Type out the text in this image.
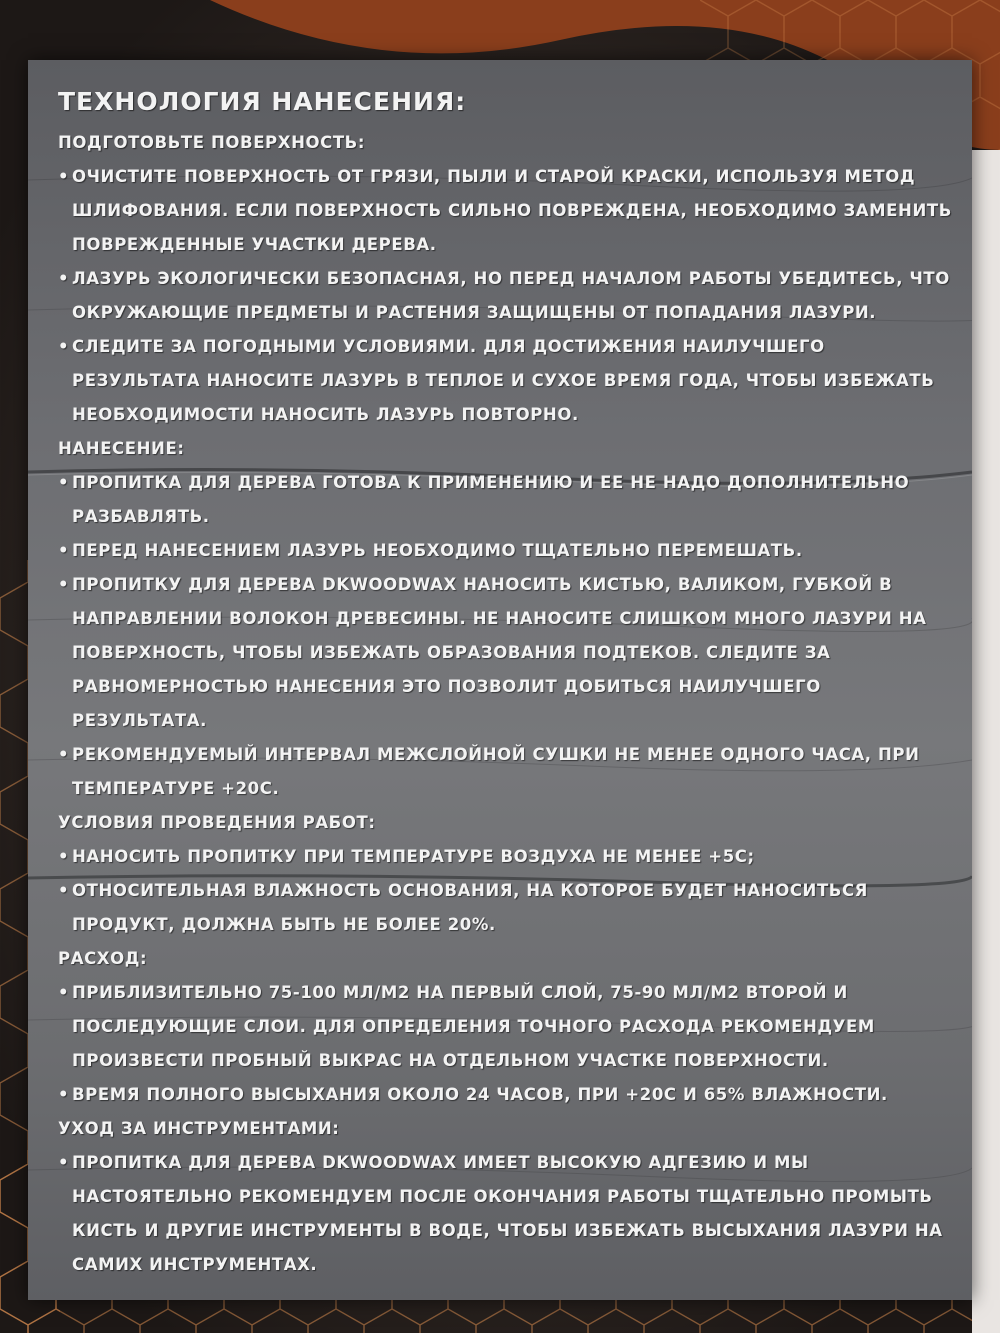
ТЕХНОЛОГИЯ НАНЕСЕНИЯ:
ПОДГОТОВЬТЕ ПОВЕРХНОСТЬ:
• ОЧИСТИТЕ ПОВЕРХНОСТЬ ОТ ГРЯЗИ, ПЫЛИ И СТАРОЙ КРАСКИ, ИСПОЛЬЗУЯ МЕТОД ШЛИФОВАНИЯ. ЕСЛИ ПОВЕРХНОСТЬ СИЛЬНО ПОВРЕЖДЕНА, НЕОБХОДИМО ЗАМЕНИТЬ ПОВРЕЖДЕННЫЕ УЧАСТКИ ДЕРЕВА.
• ЛАЗУРЬ ЭКОЛОГИЧЕСКИ БЕЗОПАСНАЯ, НО ПЕРЕД НАЧАЛОМ РАБОТЫ УБЕДИТЕСЬ, ЧТО ОКРУЖАЮЩИЕ ПРЕДМЕТЫ И РАСТЕНИЯ ЗАЩИЩЕНЫ ОТ ПОПАДАНИЯ ЛАЗУРИ.
• СЛЕДИТЕ ЗА ПОГОДНЫМИ УСЛОВИЯМИ. ДЛЯ ДОСТИЖЕНИЯ НАИЛУЧШЕГО РЕЗУЛЬТАТА НАНОСИТЕ ЛАЗУРЬ В ТЕПЛОЕ И СУХОЕ ВРЕМЯ ГОДА, ЧТОБЫ ИЗБЕЖАТЬ НЕОБХОДИМОСТИ НАНОСИТЬ ЛАЗУРЬ ПОВТОРНО.
НАНЕСЕНИЕ:
• ПРОПИТКА ДЛЯ ДЕРЕВА ГОТОВА К ПРИМЕНЕНИЮ И ЕЕ НЕ НАДО ДОПОЛНИТЕЛЬНО РАЗБАВЛЯТЬ.
• ПЕРЕД НАНЕСЕНИЕМ ЛАЗУРЬ НЕОБХОДИМО ТЩАТЕЛЬНО ПЕРЕМЕШАТЬ.
• ПРОПИТКУ ДЛЯ ДЕРЕВА DKWOODWAX НАНОСИТЬ КИСТЬЮ, ВАЛИКОМ, ГУБКОЙ В НАПРАВЛЕНИИ ВОЛОКОН ДРЕВЕСИНЫ. НЕ НАНОСИТЕ СЛИШКОМ МНОГО ЛАЗУРИ НА ПОВЕРХНОСТЬ, ЧТОБЫ ИЗБЕЖАТЬ ОБРАЗОВАНИЯ ПОДТЕКОВ. СЛЕДИТЕ ЗА РАВНОМЕРНОСТЬЮ НАНЕСЕНИЯ ЭТО ПОЗВОЛИТ ДОБИТЬСЯ НАИЛУЧШЕГО РЕЗУЛЬТАТА.
• РЕКОМЕНДУЕМЫЙ ИНТЕРВАЛ МЕЖСЛОЙНОЙ СУШКИ НЕ МЕНЕЕ ОДНОГО ЧАСА, ПРИ ТЕМПЕРАТУРЕ +20С.
УСЛОВИЯ ПРОВЕДЕНИЯ РАБОТ:
• НАНОСИТЬ ПРОПИТКУ ПРИ ТЕМПЕРАТУРЕ ВОЗДУХА НЕ МЕНЕЕ +5С;
• ОТНОСИТЕЛЬНАЯ ВЛАЖНОСТЬ ОСНОВАНИЯ, НА КОТОРОЕ БУДЕТ НАНОСИТЬСЯ ПРОДУКТ, ДОЛЖНА БЫТЬ НЕ БОЛЕЕ 20%.
РАСХОД:
• ПРИБЛИЗИТЕЛЬНО 75-100 МЛ/М2 НА ПЕРВЫЙ СЛОЙ, 75-90 МЛ/М2 ВТОРОЙ И ПОСЛЕДУЮЩИЕ СЛОИ. ДЛЯ ОПРЕДЕЛЕНИЯ ТОЧНОГО РАСХОДА РЕКОМЕНДУЕМ ПРОИЗВЕСТИ ПРОБНЫЙ ВЫКРАС НА ОТДЕЛЬНОМ УЧАСТКЕ ПОВЕРХНОСТИ.
• ВРЕМЯ ПОЛНОГО ВЫСЫХАНИЯ ОКОЛО 24 ЧАСОВ, ПРИ +20С И 65% ВЛАЖНОСТИ.
УХОД ЗА ИНСТРУМЕНТАМИ:
• ПРОПИТКА ДЛЯ ДЕРЕВА DKWOODWAX ИМЕЕТ ВЫСОКУЮ АДГЕЗИЮ И МЫ НАСТОЯТЕЛЬНО РЕКОМЕНДУЕМ ПОСЛЕ ОКОНЧАНИЯ РАБОТЫ ТЩАТЕЛЬНО ПРОМЫТЬ КИСТЬ И ДРУГИЕ ИНСТРУМЕНТЫ В ВОДЕ, ЧТОБЫ ИЗБЕЖАТЬ ВЫСЫХАНИЯ ЛАЗУРИ НА САМИХ ИНСТРУМЕНТАХ.
